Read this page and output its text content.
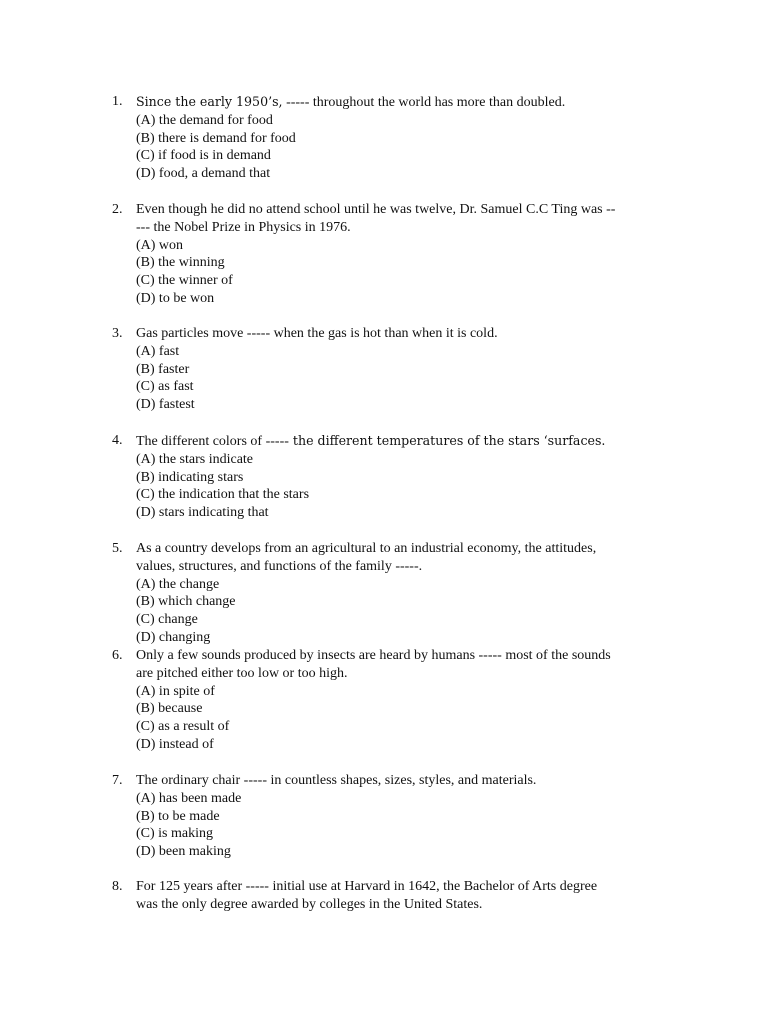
1.	Since the early 1950’s, ----- throughout the world has more than doubled.
(A) the demand for food
(B) there is demand for food
(C) if food is in demand
(D) food, a demand that
2. Even though he did no attend school until he was twelve, Dr. Samuel C.C Ting was --
--- the Nobel Prize in Physics in 1976.
(A) won
(B) the winning
(C) the winner of
(D) to be won
3. Gas particles move ----- when the gas is hot than when it is cold.
(A) fast
(B) faster
(C) as fast
(D) fastest
4. The different colors of ----- the different temperatures of the stars ‘surfaces.
(A) the stars indicate
(B) indicating stars
(C) the indication that the stars
(D) stars indicating that
5. As a country develops from an agricultural to an industrial economy, the attitudes,
values, structures, and functions of the family -----.
(A) the change
(B) which change
(C) change
(D) changing
6. Only a few sounds produced by insects are heard by humans ----- most of the sounds
are pitched either too low or too high.
(A) in spite of
(B) because
(C) as a result of
(D) instead of
7. The ordinary chair ----- in countless shapes, sizes, styles, and materials.
(A) has been made
(B) to be made
(C) is making
(D) been making
8. For 125 years after ----- initial use at Harvard in 1642, the Bachelor of Arts degree
was the only degree awarded by colleges in the United States.
